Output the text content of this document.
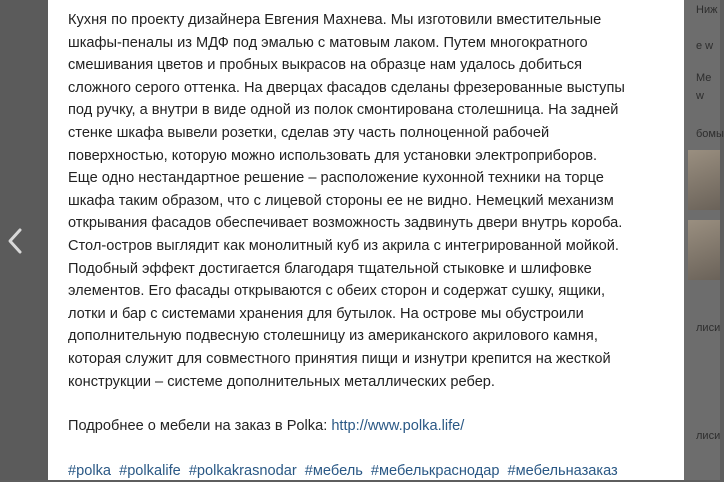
Кухня по проекту дизайнера Евгения Махнева. Мы изготовили вместительные
шкафы-пеналы из МДФ под эмалью с матовым лаком. Путем многократного
смешивания цветов и пробных выкрасов на образце нам удалось добиться
сложного серого оттенка. На дверцах фасадов сделаны фрезерованные выступы
под ручку, а внутри в виде одной из полок смонтирована столешница. На задней
стенке шкафа вывели розетки, сделав эту часть полноценной рабочей
поверхностью, которую можно использовать для установки электроприборов.
Еще одно нестандартное решение – расположение кухонной техники на торце
шкафа таким образом, что с лицевой стороны ее не видно. Немецкий механизм
открывания фасадов обеспечивает возможность задвинуть двери внутрь короба.
Стол-остров выглядит как монолитный куб из акрила с интегрированной мойкой.
Подобный эффект достигается благодаря тщательной стыковке и шлифовке
элементов. Его фасады открываются с обеих сторон и содержат сушку, ящики,
лотки и бар с системами хранения для бутылок. На острове мы обустроили
дополнительную подвесную столешницу из американского акрилового камня,
которая служит для совместного принятия пищи и изнутри крепится на жесткой
конструкции – системе дополнительных металлических ребер.

Подробнее о мебели на заказ в Polka: http://www.polka.life/
#polka #polkalife #polkakrasnodar #мебель #мебелькраснодар #мебельназаказ
Ниж
е w
Ме
w
бомы
лиси
лиси
